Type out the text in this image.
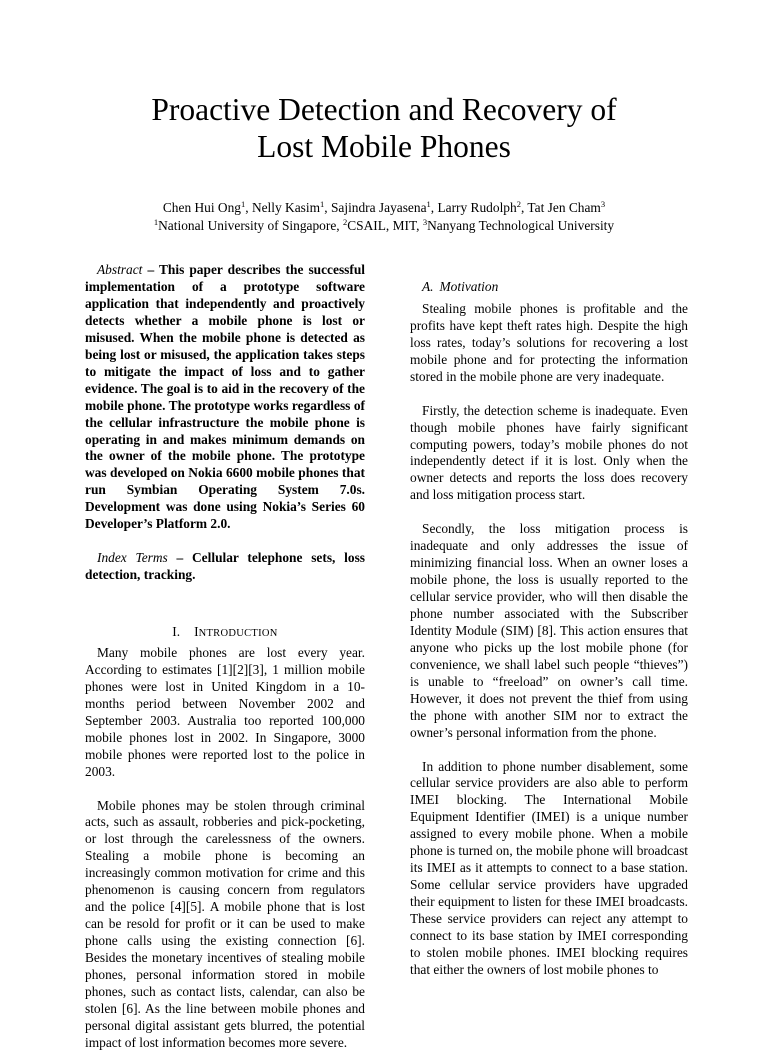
Proactive Detection and Recovery of
Lost Mobile Phones
Chen Hui Ong$^1$, Nelly Kasim$^1$, Sajindra Jayasena$^1$, Larry Rudolph$^2$, Tat Jen Cham$^3$
$^1$National University of Singapore, $^2$CSAIL, MIT, $^3$Nanyang Technological University

Abstract – This paper describes the successful implementation of a prototype software application that independently and proactively detects whether a mobile phone is lost or misused. When the mobile phone is detected as being lost or misused, the application takes steps to mitigate the impact of loss and to gather evidence. The goal is to aid in the recovery of the mobile phone. The prototype works regardless of the cellular infrastructure the mobile phone is operating in and makes minimum demands on the owner of the mobile phone. The prototype was developed on Nokia 6600 mobile phones that run Symbian Operating System 7.0s. Development was done using Nokia’s Series 60 Developer’s Platform 2.0.

Index Terms – Cellular telephone sets, loss detection, tracking.

I. INTRODUCTION

Many mobile phones are lost every year. According to estimates [1][2][3], 1 million mobile phones were lost in United Kingdom in a 10-months period between November 2002 and September 2003. Australia too reported 100,000 mobile phones lost in 2002. In Singapore, 3000 mobile phones were reported lost to the police in 2003.

Mobile phones may be stolen through criminal acts, such as assault, robberies and pick-pocketing, or lost through the carelessness of the owners. Stealing a mobile phone is becoming an increasingly common motivation for crime and this phenomenon is causing concern from regulators and the police [4][5]. A mobile phone that is lost can be resold for profit or it can be used to make phone calls using the existing connection [6]. Besides the monetary incentives of stealing mobile phones, personal information stored in mobile phones, such as contact lists, calendar, can also be stolen [6]. As the line between mobile phones and personal digital assistant gets blurred, the potential impact of lost information becomes more severe.

A. Motivation

Stealing mobile phones is profitable and the profits have kept theft rates high. Despite the high loss rates, today’s solutions for recovering a lost mobile phone and for protecting the information stored in the mobile phone are very inadequate.

Firstly, the detection scheme is inadequate. Even though mobile phones have fairly significant computing powers, today’s mobile phones do not independently detect if it is lost. Only when the owner detects and reports the loss does recovery and loss mitigation process start.

Secondly, the loss mitigation process is inadequate and only addresses the issue of minimizing financial loss. When an owner loses a mobile phone, the loss is usually reported to the cellular service provider, who will then disable the phone number associated with the Subscriber Identity Module (SIM) [8]. This action ensures that anyone who picks up the lost mobile phone (for convenience, we shall label such people “thieves”) is unable to “freeload” on owner’s call time. However, it does not prevent the thief from using the phone with another SIM nor to extract the owner’s personal information from the phone.

In addition to phone number disablement, some cellular service providers are also able to perform IMEI blocking. The International Mobile Equipment Identifier (IMEI) is a unique number assigned to every mobile phone. When a mobile phone is turned on, the mobile phone will broadcast its IMEI as it attempts to connect to a base station. Some cellular service providers have upgraded their equipment to listen for these IMEI broadcasts. These service providers can reject any attempt to connect to its base station by IMEI corresponding to stolen mobile phones. IMEI blocking requires that either the owners of lost mobile phones to
